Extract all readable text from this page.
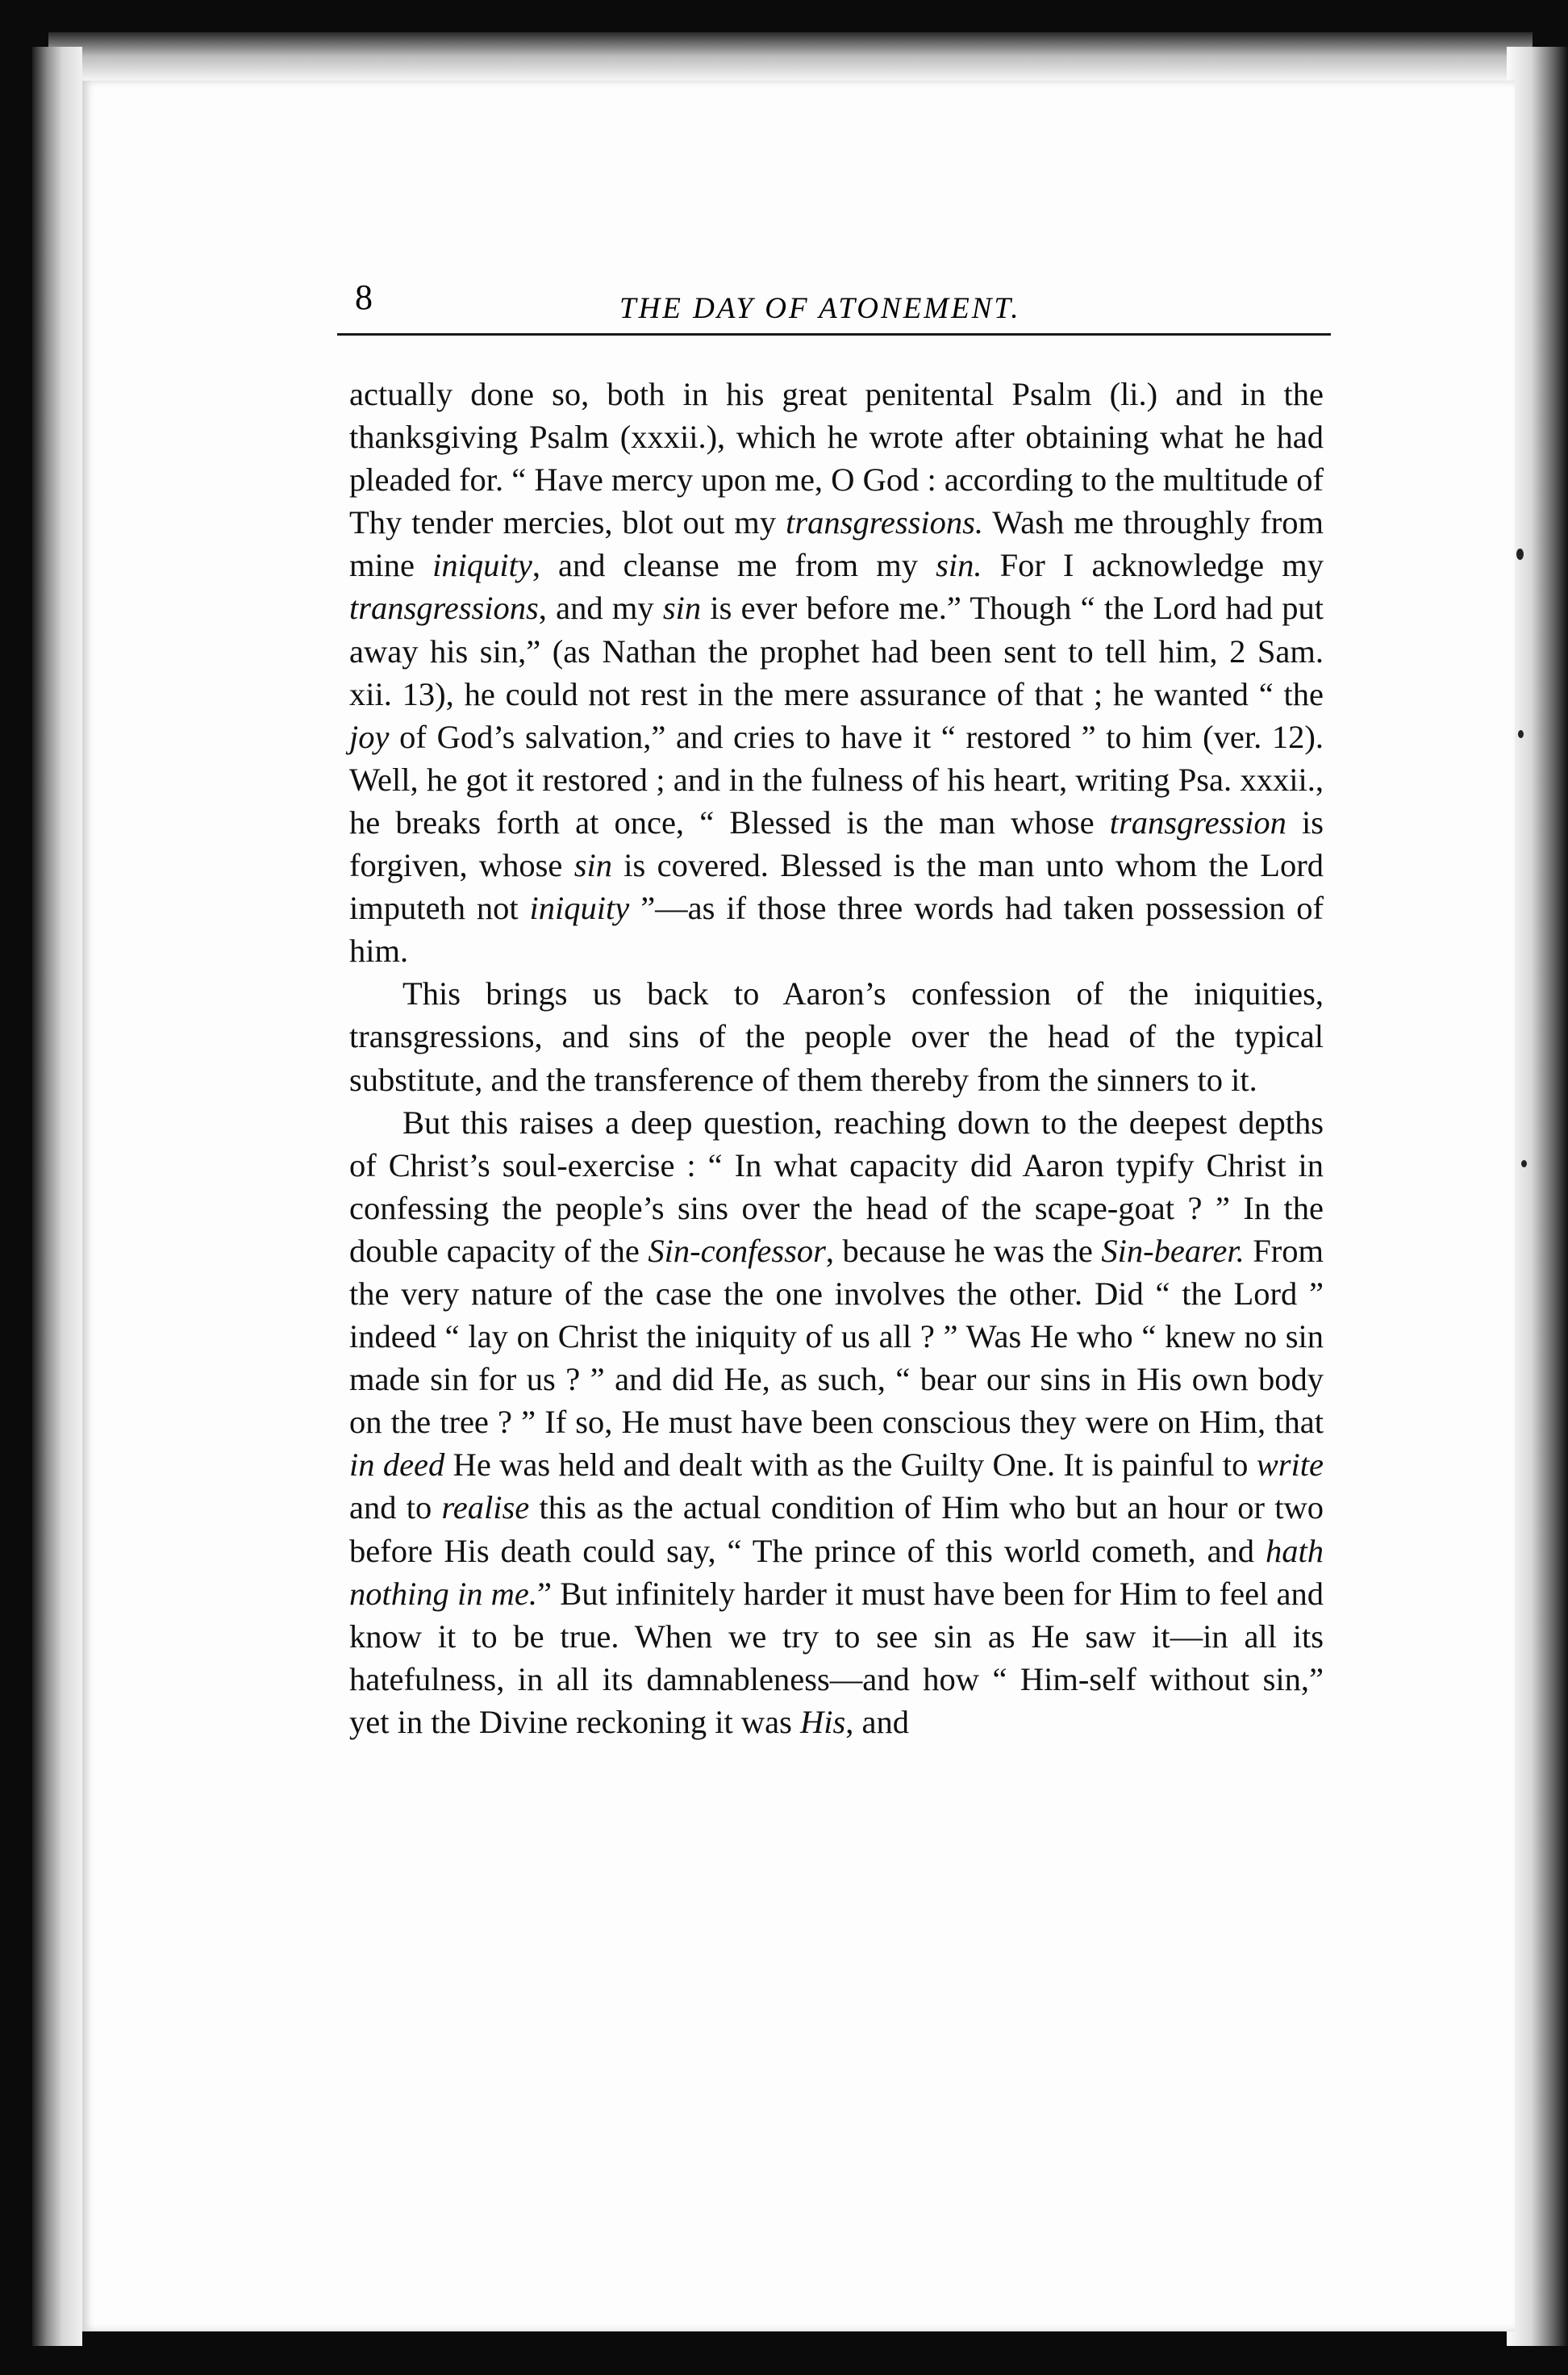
8	THE DAY OF ATONEMENT.

actually done so, both in his great penitental Psalm (li.) and in the thanksgiving Psalm (xxxii.), which he wrote after obtaining what he had pleaded for. “ Have mercy upon me, O God : according to the multitude of Thy tender mercies, blot out my transgressions. Wash me throughly from mine iniquity, and cleanse me from my sin. For I acknowledge my transgressions, and my sin is ever before me.” Though “ the Lord had put away his sin,” (as Nathan the prophet had been sent to tell him, 2 Sam. xii. 13), he could not rest in the mere assurance of that ; he wanted “ the joy of God’s salvation,” and cries to have it “ restored ” to him (ver. 12). Well, he got it restored ; and in the fulness of his heart, writing Psa. xxxii., he breaks forth at once, “ Blessed is the man whose transgression is forgiven, whose sin is covered. Blessed is the man unto whom the Lord imputeth not iniquity ”—as if those three words had taken possession of him.

This brings us back to Aaron’s confession of the iniquities, transgressions, and sins of the people over the head of the typical substitute, and the transference of them thereby from the sinners to it.

But this raises a deep question, reaching down to the deepest depths of Christ’s soul-exercise : “ In what capacity did Aaron typify Christ in confessing the people’s sins over the head of the scape-goat ? ” In the double capacity of the Sin-confessor, because he was the Sin-bearer. From the very nature of the case the one involves the other. Did “ the Lord ” indeed “ lay on Christ the iniquity of us all ? ” Was He who “ knew no sin made sin for us ? ” and did He, as such, “ bear our sins in His own body on the tree ? ” If so, He must have been conscious they were on Him, that in deed He was held and dealt with as the Guilty One. It is painful to write and to realise this as the actual condition of Him who but an hour or two before His death could say, “ The prince of this world cometh, and hath nothing in me.” But infinitely harder it must have been for Him to feel and know it to be true. When we try to see sin as He saw it—in all its hatefulness, in all its damnableness—and how “ Him-self without sin,” yet in the Divine reckoning it was His, and
